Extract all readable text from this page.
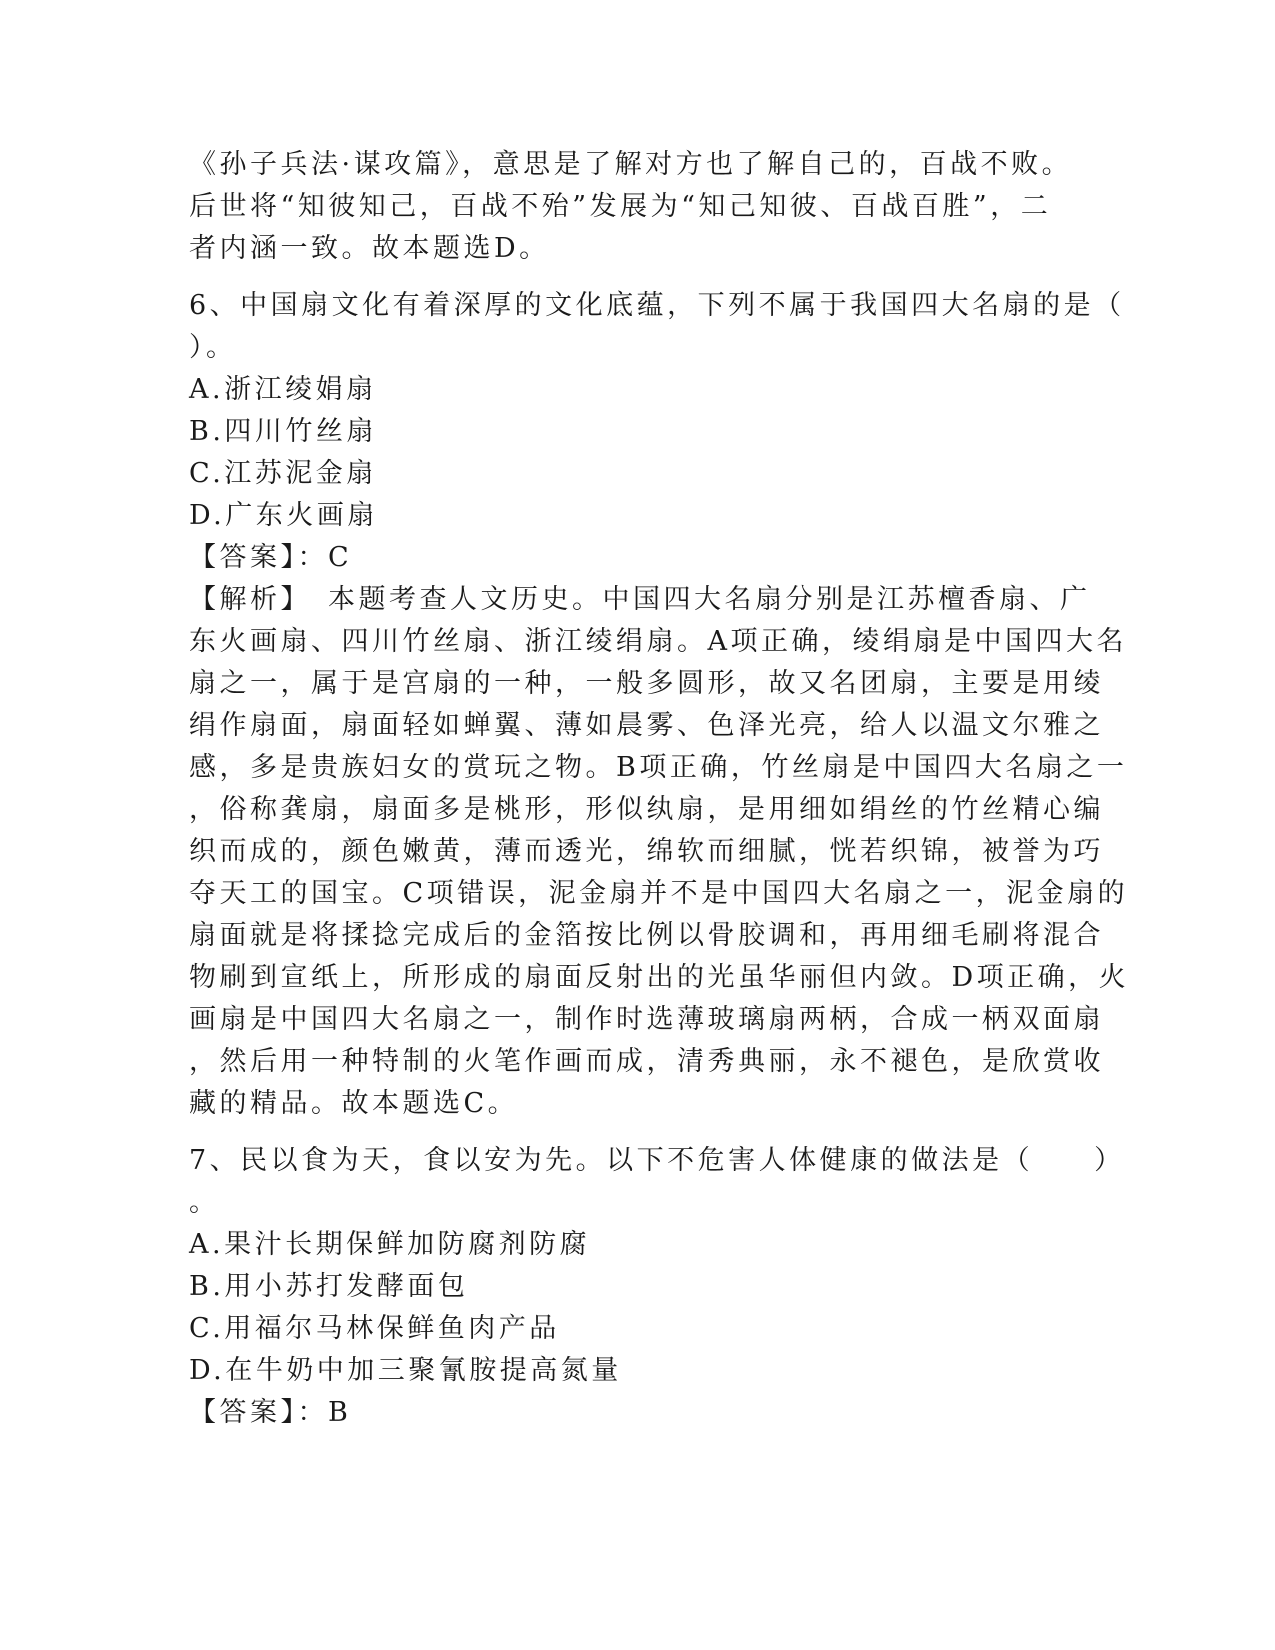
《孙子兵法·谋攻篇》，意思是了解对方也了解自己的，百战不败。
后世将“知彼知己，百战不殆”发展为“知己知彼、百战百胜”，二
者内涵一致。故本题选D。
6、中国扇文化有着深厚的文化底蕴，下列不属于我国四大名扇的是（
）。
A.浙江绫娟扇
B.四川竹丝扇
C.江苏泥金扇
D.广东火画扇
【答案】：C
【解析】　本题考查人文历史。中国四大名扇分别是江苏檀香扇、广
东火画扇、四川竹丝扇、浙江绫绢扇。A项正确，绫绢扇是中国四大名
扇之一，属于是宫扇的一种，一般多圆形，故又名团扇，主要是用绫
绢作扇面，扇面轻如蝉翼、薄如晨雾、色泽光亮，给人以温文尔雅之
感，多是贵族妇女的赏玩之物。B项正确，竹丝扇是中国四大名扇之一
，俗称龚扇，扇面多是桃形，形似纨扇，是用细如绢丝的竹丝精心编
织而成的，颜色嫩黄，薄而透光，绵软而细腻，恍若织锦，被誉为巧
夺天工的国宝。C项错误，泥金扇并不是中国四大名扇之一，泥金扇的
扇面就是将揉捻完成后的金箔按比例以骨胶调和，再用细毛刷将混合
物刷到宣纸上，所形成的扇面反射出的光虽华丽但内敛。D项正确，火
画扇是中国四大名扇之一，制作时选薄玻璃扇两柄，合成一柄双面扇
，然后用一种特制的火笔作画而成，清秀典丽，永不褪色，是欣赏收
藏的精品。故本题选C。
7、民以食为天，食以安为先。以下不危害人体健康的做法是（　　）
。
A.果汁长期保鲜加防腐剂防腐
B.用小苏打发酵面包
C.用福尔马林保鲜鱼肉产品
D.在牛奶中加三聚氰胺提高氮量
【答案】：B
